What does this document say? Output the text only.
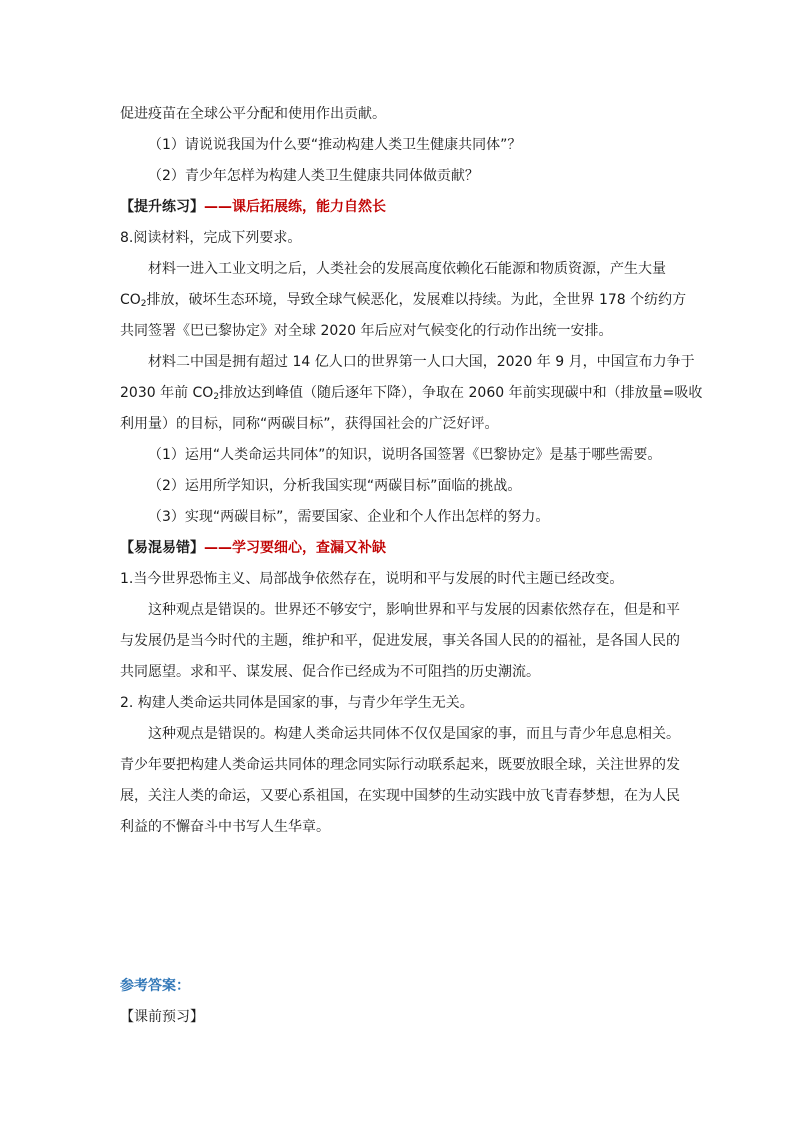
促进疫苗在全球公平分配和使用作出贡献。
（1）请说说我国为什么要“推动构建人类卫生健康共同体”？
（2）青少年怎样为构建人类卫生健康共同体做贡献？
【提升练习】——课后拓展练，能力自然长
8.阅读材料，完成下列要求。
材料一进入工业文明之后，人类社会的发展高度依赖化石能源和物质资源，产生大量
$CO_2$排放，破坏生态环境，导致全球气候恶化，发展难以持续。为此，全世界 178 个纺约方
共同签署《巴已黎协定》对全球 2020 年后应对气候变化的行动作出统一安排。
材料二中国是拥有超过 14 亿人口的世界第一人口大国，2020 年 9 月，中国宣布力争于
2030 年前 $CO_2$排放达到峰值（随后逐年下降），争取在 2060 年前实现碳中和（排放量=吸收
利用量）的目标，同称“两碳目标”，获得国社会的广泛好评。
（1）运用“人类命运共同体”的知识，说明各国签署《巴黎协定》是基于哪些需要。
（2）运用所学知识，分析我国实现“两碳目标”面临的挑战。
（3）实现“两碳目标”，需要国家、企业和个人作出怎样的努力。
【易混易错】——学习要细心，查漏又补缺
1.当今世界恐怖主义、局部战争依然存在，说明和平与发展的时代主题已经改变。
这种观点是错误的。世界还不够安宁，影响世界和平与发展的因素依然存在，但是和平
与发展仍是当今时代的主题，维护和平，促进发展，事关各国人民的的福祉，是各国人民的
共同愿望。求和平、谋发展、促合作已经成为不可阻挡的历史潮流。
2. 构建人类命运共同体是国家的事，与青少年学生无关。
这种观点是错误的。构建人类命运共同体不仅仅是国家的事，而且与青少年息息相关。
青少年要把构建人类命运共同体的理念同实际行动联系起来，既要放眼全球，关注世界的发
展，关注人类的命运，又要心系祖国，在实现中国梦的生动实践中放飞青春梦想，在为人民
利益的不懈奋斗中书写人生华章。
参考答案：
【课前预习】
